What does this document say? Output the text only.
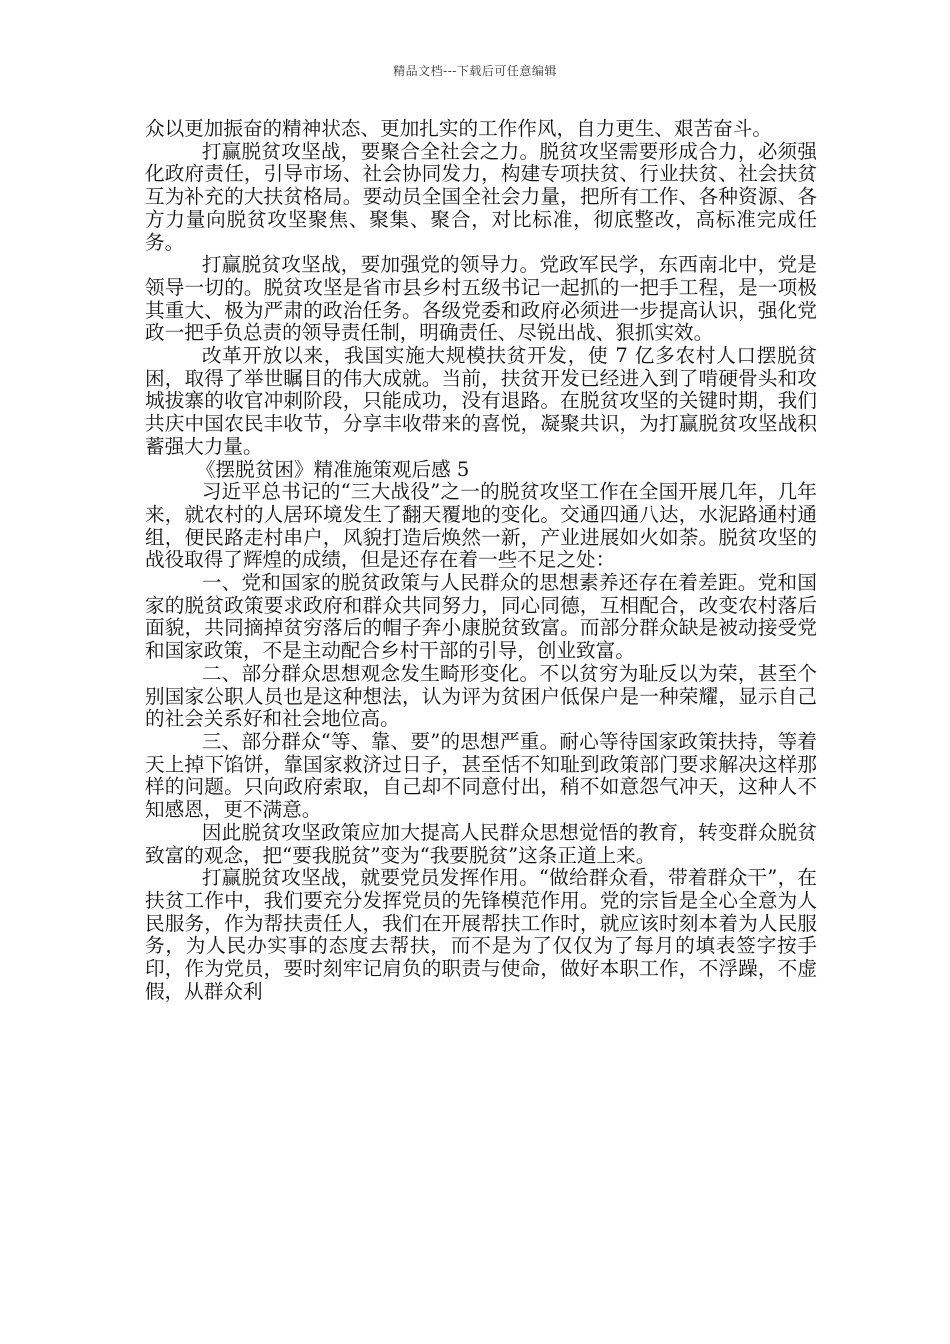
精品文档---下载后可任意编辑

众以更加振奋的精神状态、更加扎实的工作作风，自力更生、艰苦奋斗。

打赢脱贫攻坚战，要聚合全社会之力。脱贫攻坚需要形成合力，必须强化政府责任，引导市场、社会协同发力，构建专项扶贫、行业扶贫、社会扶贫互为补充的大扶贫格局。要动员全国全社会力量，把所有工作、各种资源、各方力量向脱贫攻坚聚焦、聚集、聚合，对比标准，彻底整改，高标准完成任务。

打赢脱贫攻坚战，要加强党的领导力。党政军民学，东西南北中，党是领导一切的。脱贫攻坚是省市县乡村五级书记一起抓的一把手工程，是一项极其重大、极为严肃的政治任务。各级党委和政府必须进一步提高认识，强化党政一把手负总责的领导责任制，明确责任、尽锐出战、狠抓实效。

改革开放以来，我国实施大规模扶贫开发，使 7 亿多农村人口摆脱贫困，取得了举世瞩目的伟大成就。当前，扶贫开发已经进入到了啃硬骨头和攻城拔寨的收官冲刺阶段，只能成功，没有退路。在脱贫攻坚的关键时期，我们共庆中国农民丰收节，分享丰收带来的喜悦，凝聚共识，为打赢脱贫攻坚战积蓄强大力量。

《摆脱贫困》精准施策观后感 5

习近平总书记的“三大战役”之一的脱贫攻坚工作在全国开展几年，几年来，就农村的人居环境发生了翻天覆地的变化。交通四通八达，水泥路通村通组，便民路走村串户，风貌打造后焕然一新，产业进展如火如荼。脱贫攻坚的战役取得了辉煌的成绩，但是还存在着一些不足之处：

一、党和国家的脱贫政策与人民群众的思想素养还存在着差距。党和国家的脱贫政策要求政府和群众共同努力，同心同德，互相配合，改变农村落后面貌，共同摘掉贫穷落后的帽子奔小康脱贫致富。而部分群众缺是被动接受党和国家政策，不是主动配合乡村干部的引导，创业致富。

二、部分群众思想观念发生畸形变化。不以贫穷为耻反以为荣，甚至个别国家公职人员也是这种想法，认为评为贫困户低保户是一种荣耀，显示自己的社会关系好和社会地位高。

三、部分群众“等、靠、要”的思想严重。耐心等待国家政策扶持，等着天上掉下馅饼，靠国家救济过日子，甚至恬不知耻到政策部门要求解决这样那样的问题。只向政府索取，自己却不同意付出，稍不如意怨气冲天，这种人不知感恩，更不满意。

因此脱贫攻坚政策应加大提高人民群众思想觉悟的教育，转变群众脱贫致富的观念，把“要我脱贫”变为“我要脱贫”这条正道上来。

打赢脱贫攻坚战，就要党员发挥作用。“做给群众看，带着群众干”，在扶贫工作中，我们要充分发挥党员的先锋模范作用。党的宗旨是全心全意为人民服务，作为帮扶责任人，我们在开展帮扶工作时，就应该时刻本着为人民服务，为人民办实事的态度去帮扶，而不是为了仅仅为了每月的填表签字按手印，作为党员，要时刻牢记肩负的职责与使命，做好本职工作，不浮躁，不虚假，从群众利
